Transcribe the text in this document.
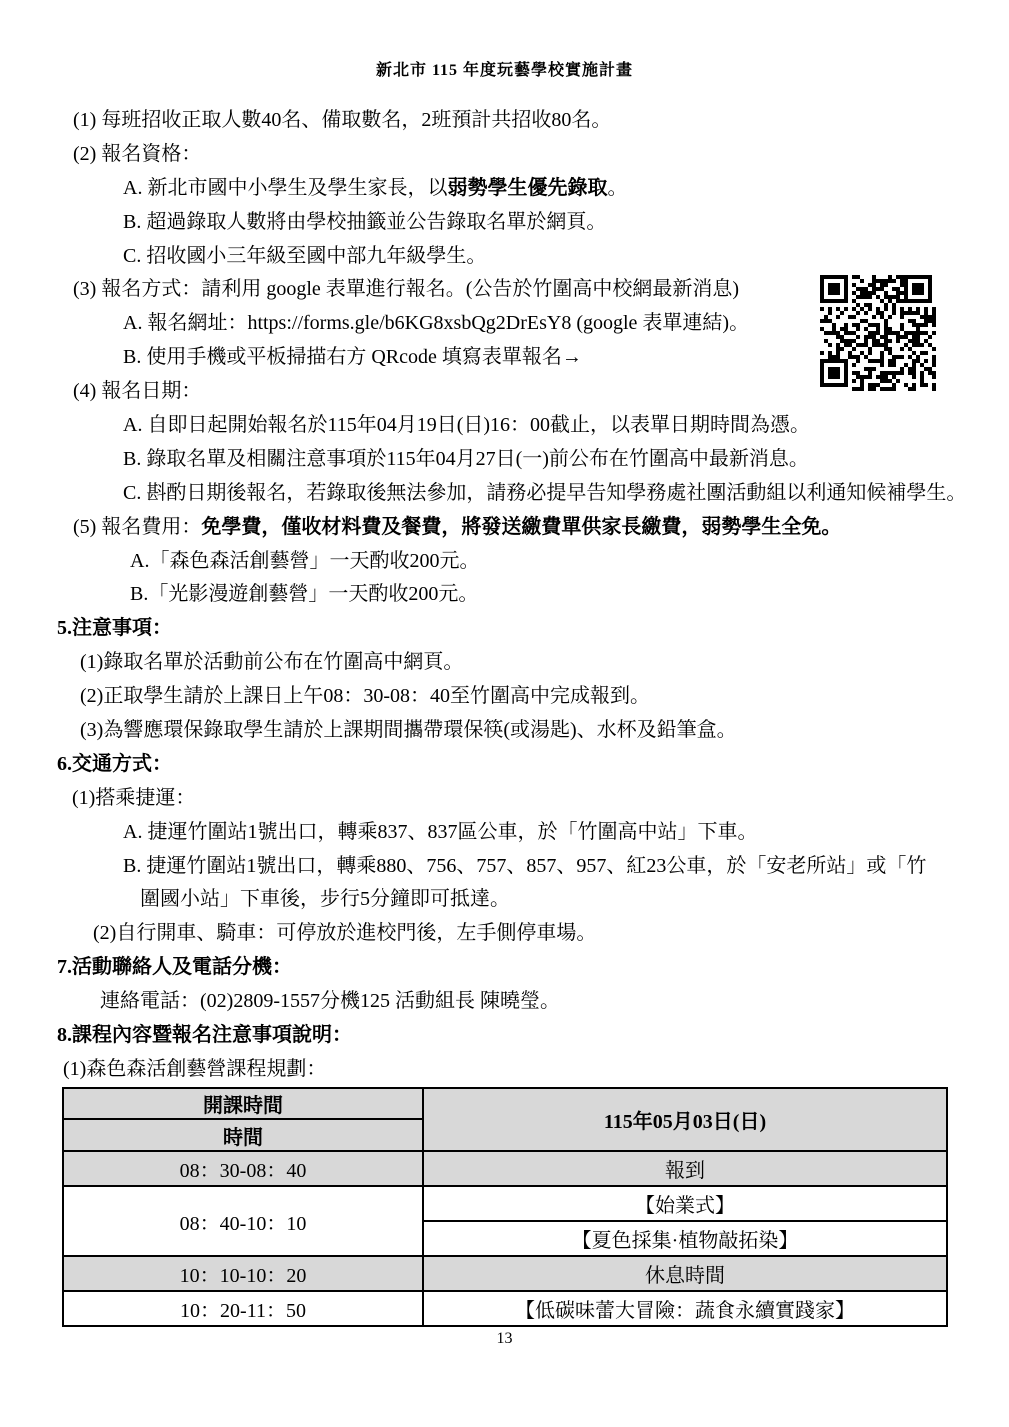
新北市 115 年度玩藝學校實施計畫
(1) 每班招收正取人數40名、備取數名，2班預計共招收80名。
(2) 報名資格：
A. 新北市國中小學生及學生家長，以 弱勢學生優先錄取 。
B. 超過錄取人數將由學校抽籤並公告錄取名單於網頁。
C. 招收國小三年級至國中部九年級學生。
(3) 報名方式：請利用 google 表單進行報名。(公告於竹圍高中校網最新消息)
A. 報名網址：https://forms.gle/b6KG8xsbQg2DrEsY8 (google 表單連結)。
B. 使用手機或平板掃描右方 QRcode 填寫表單報名→
(4) 報名日期：
A. 自即日起開始報名於115年04月19日(日)16：00截止，以表單日期時間為憑。
B. 錄取名單及相關注意事項於115年04月27日(一)前公布在竹圍高中最新消息。
C. 斟酌日期後報名，若錄取後無法參加，請務必提早告知學務處社團活動組以利通知候補學生。
(5) 報名費用： 免學費，僅收材料費及餐費，將發送繳費單供家長繳費，弱勢學生全免。
A.「森色森活創藝營」一天酌收200元。
B.「光影漫遊創藝營」一天酌收200元。
5.注意事項：
(1)錄取名單於活動前公布在竹圍高中網頁。
(2)正取學生請於上課日上午08：30-08：40至竹圍高中完成報到。
(3)為響應環保錄取學生請於上課期間攜帶環保筷(或湯匙)、水杯及鉛筆盒。
6.交通方式：
(1)搭乘捷運：
A. 捷運竹圍站1號出口，轉乘837、837區公車，於「竹圍高中站」下車。
B. 捷運竹圍站1號出口，轉乘880、756、757、857、957、紅23公車，於「安老所站」或「竹
圍國小站」下車後，步行5分鐘即可抵達。
(2)自行開車、騎車：可停放於進校門後，左手側停車場。
7.活動聯絡人及電話分機：
連絡電話：(02)2809-1557分機125 活動組長 陳曉瑩。
8.課程內容暨報名注意事項說明：
(1)森色森活創藝營課程規劃：
開課時間	115年05月03日(日)
時間	
08：30-08：40	報到
08：40-10：10	【始業式】
	【夏色採集·植物敲拓染】
10：10-10：20	休息時間
10：20-11：50	【低碳味蕾大冒險：蔬食永續實踐家】
13
